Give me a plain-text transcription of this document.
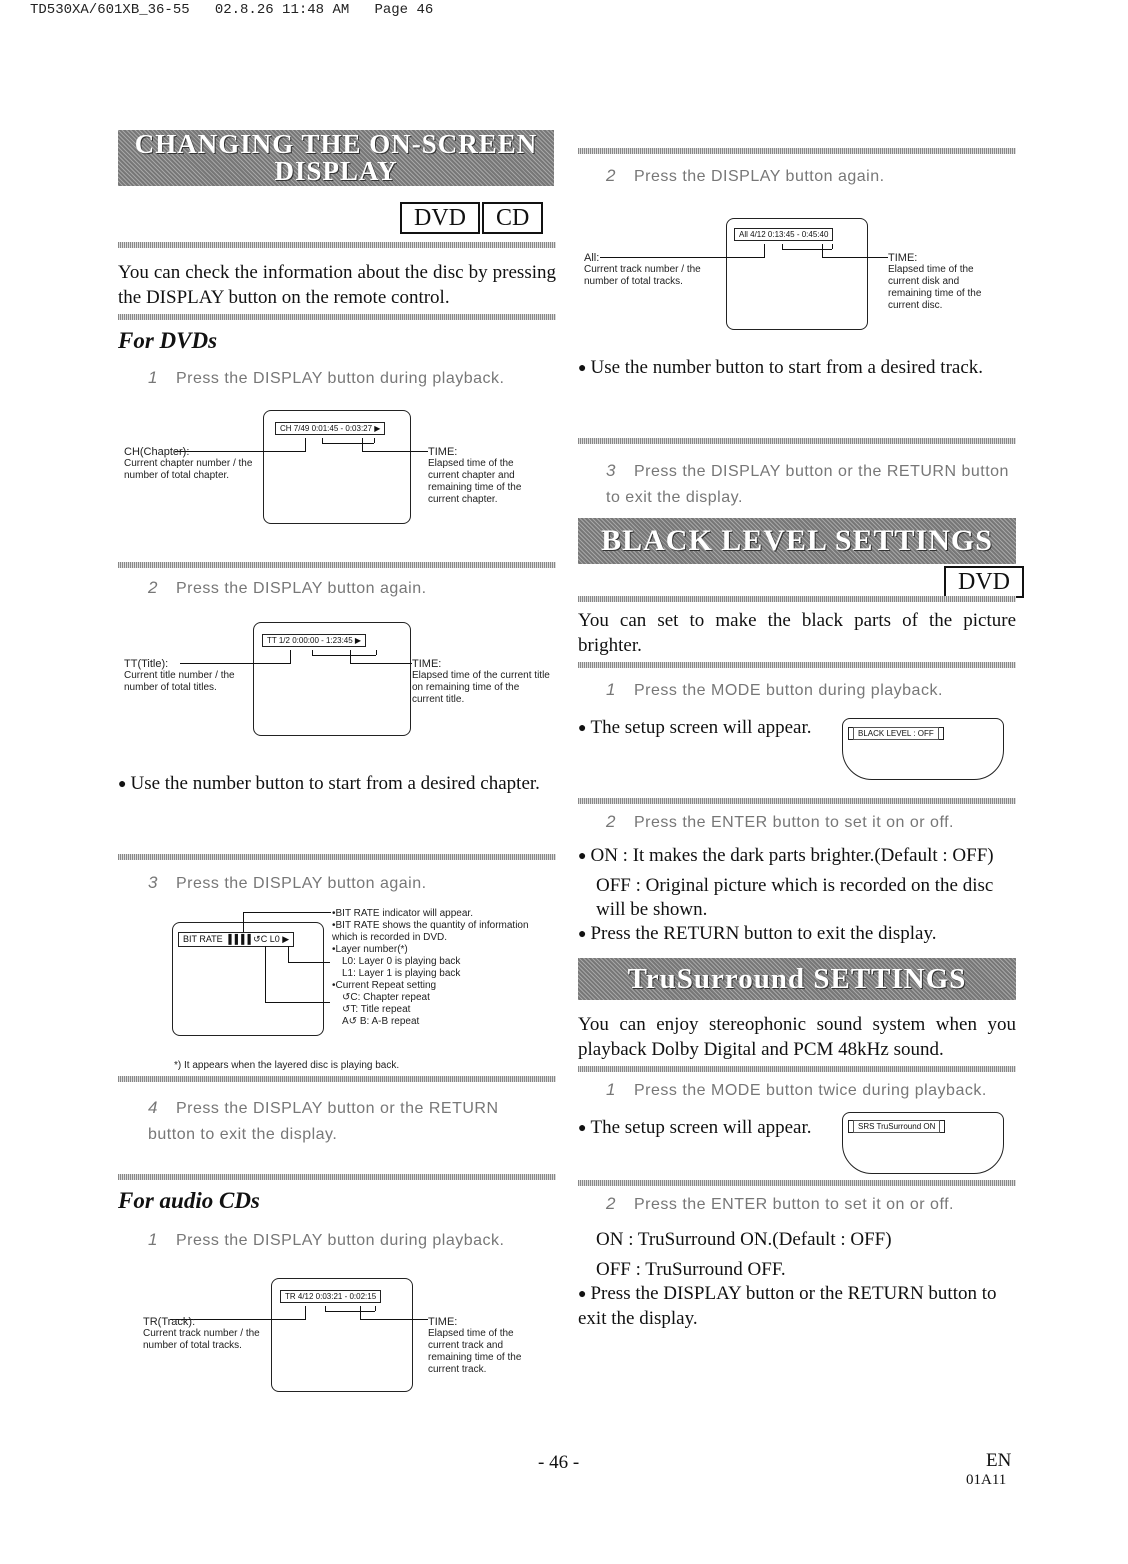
TD530XA/601XB_36-55   02.8.26 11:48 AM   Page 46
CHANGING THE ON-SCREEN
DISPLAY
DVD	CD
You can check the information about the disc by pressing the DISPLAY button on the remote control.
For DVDs
1 Press the DISPLAY button during playback.
CH 7/49 0:01:45 - 0:03:27 ▶
CH(Chapter):
Current chapter number / the number of total chapter.
TIME:
Elapsed time of the current chapter and remaining time of the current chapter.
2 Press the DISPLAY button again.
TT 1/2 0:00:00 - 1:23:45 ▶
TT(Title):
Current title number / the number of total titles.
TIME:
Elapsed time of the current title on remaining time of the current title.
● Use the number button to start from a desired chapter.
3 Press the DISPLAY button again.
BIT RATE ▐▐▐▐ ↺C L0 ▶
•BIT RATE indicator will appear.
•BIT RATE shows the quantity of information which is recorded in DVD.
•Layer number(*)
L0: Layer 0 is playing back
L1: Layer 1 is playing back
•Current Repeat setting
↺C: Chapter repeat
↺T: Title repeat
A↺ B: A-B repeat
*) It appears when the layered disc is playing back.
4 Press the DISPLAY button or the RETURN button to exit the display.
For audio CDs
1 Press the DISPLAY button during playback.
TR 4/12 0:03:21 - 0:02:15
TR(Track):
Current track number / the number of total tracks.
TIME:
Elapsed time of the current track and remaining time of the current track.
2 Press the DISPLAY button again.
All 4/12 0:13:45 - 0:45:40
All:
Current track number / the number of total tracks.
TIME:
Elapsed time of the current disk and remaining time of the current disc.
● Use the number button to start from a desired track.
3 Press the DISPLAY button or the RETURN button to exit the display.
BLACK LEVEL SETTINGS
DVD
You can set to make the black parts of the picture brighter.
1 Press the MODE button during playback.
● The setup screen will appear.	BLACK LEVEL : OFF
2 Press the ENTER button to set it on or off.
● ON : It makes the dark parts brighter.(Default : OFF)
OFF : Original picture which is recorded on the disc will be shown.
● Press the RETURN button to exit the display.
TruSurround SETTINGS
You can enjoy stereophonic sound system when you playback Dolby Digital and PCM 48kHz sound.
1 Press the MODE button twice during playback.
● The setup screen will appear.	SRS TruSurround ON
2 Press the ENTER button to set it on or off.
ON : TruSurround ON.(Default : OFF)
OFF : TruSurround OFF.
● Press the DISPLAY button or the RETURN button to exit the display.
- 46 -	EN
01A11
